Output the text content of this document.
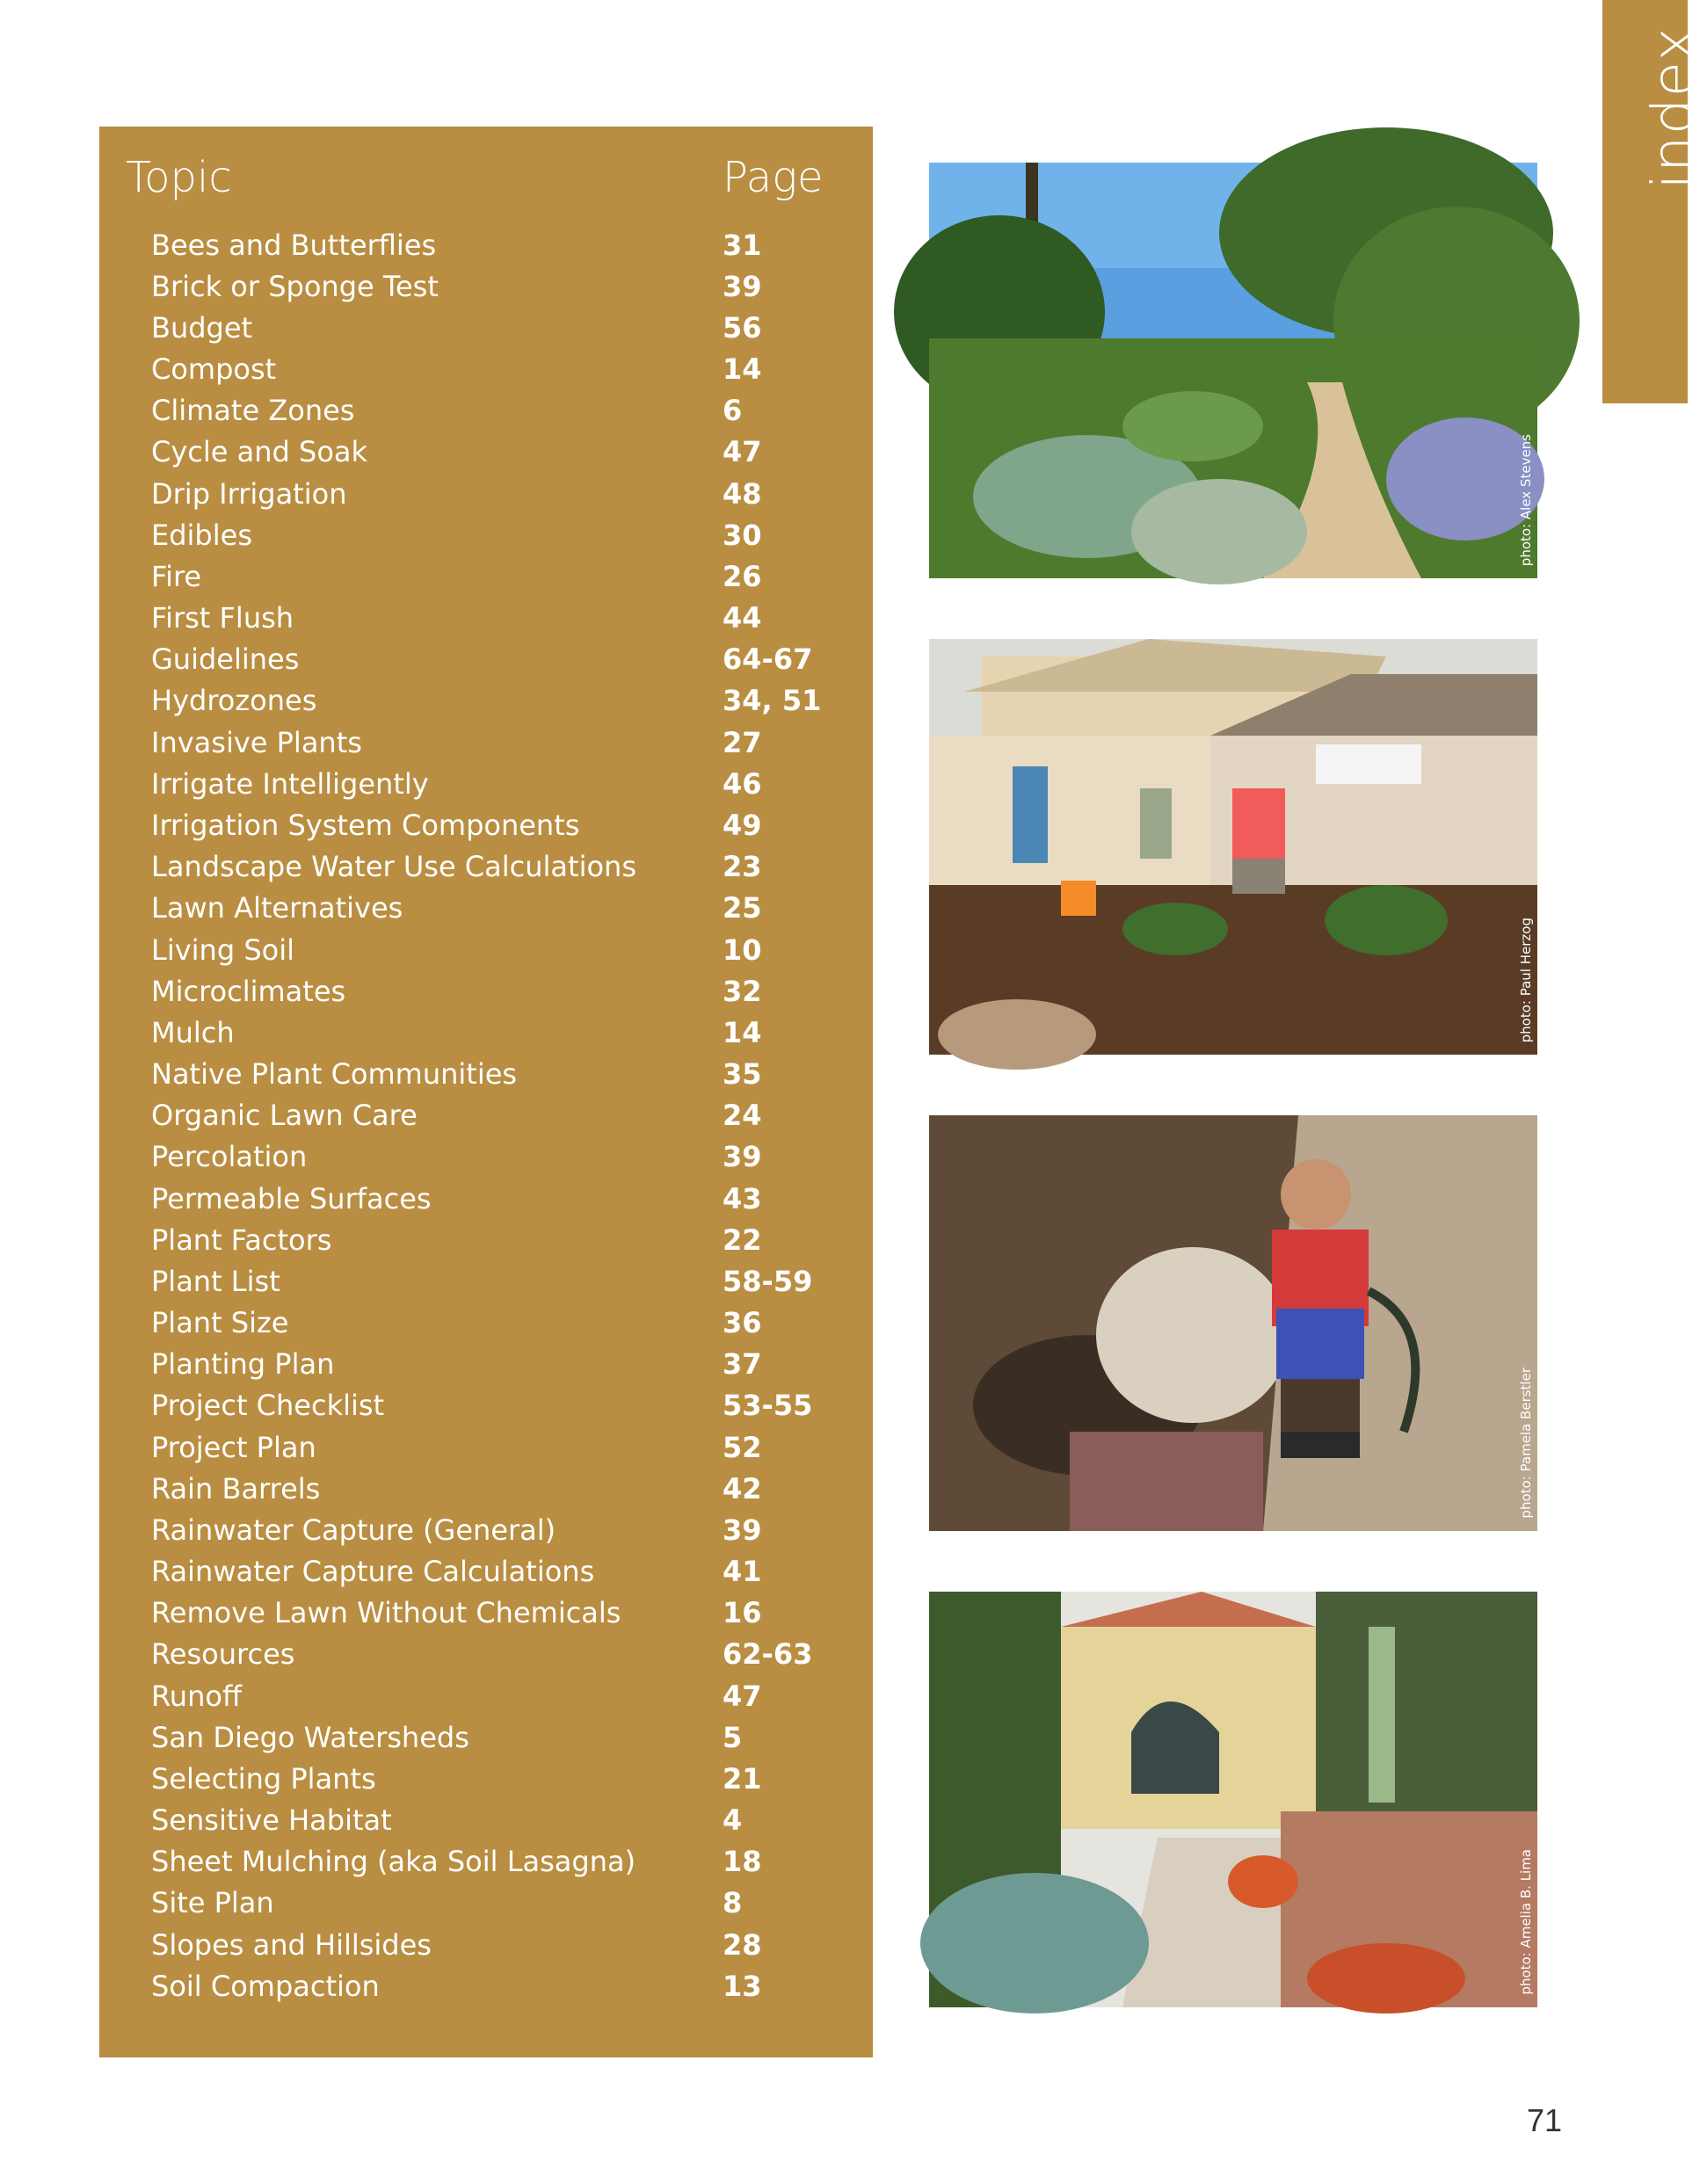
index
Topic	Page
Bees and Butterflies	31
Brick or Sponge Test	39
Budget	56
Compost	14
Climate Zones	6
Cycle and Soak	47
Drip Irrigation	48
Edibles	30
Fire	26
First Flush	44
Guidelines	64-67
Hydrozones	34, 51
Invasive Plants	27
Irrigate Intelligently	46
Irrigation System Components	49
Landscape Water Use Calculations	23
Lawn Alternatives	25
Living Soil	10
Microclimates	32
Mulch	14
Native Plant Communities	35
Organic Lawn Care	24
Percolation	39
Permeable Surfaces	43
Plant Factors	22
Plant List	58-59
Plant Size	36
Planting Plan	37
Project Checklist	53-55
Project Plan	52
Rain Barrels	42
Rainwater Capture (General)	39
Rainwater Capture Calculations	41
Remove Lawn Without Chemicals	16
Resources	62-63
Runoff	47
San Diego Watersheds	5
Selecting Plants	21
Sensitive Habitat	4
Sheet Mulching (aka Soil Lasagna)	18
Site Plan	8
Slopes and Hillsides	28
Soil Compaction	13
photo: Alex Stevens
photo: Paul Herzog
photo: Pamela Berstler
photo: Amelia B. Lima
71
